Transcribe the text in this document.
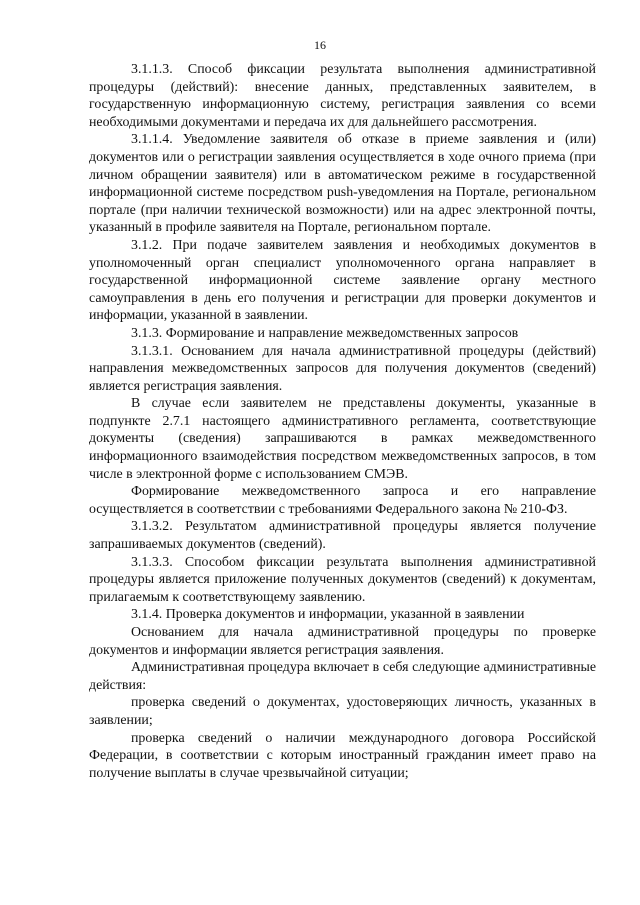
16

3.1.1.3. Способ фиксации результата выполнения административной процедуры (действий): внесение данных, представленных заявителем, в государственную информационную систему, регистрация заявления со всеми необходимыми документами и передача их для дальнейшего рассмотрения.

3.1.1.4. Уведомление заявителя об отказе в приеме заявления и (или) документов или о регистрации заявления осуществляется в ходе очного приема (при личном обращении заявителя) или в автоматическом режиме в государственной информационной системе посредством push-уведомления на Портале, региональном портале (при наличии технической возможности) или на адрес электронной почты, указанный в профиле заявителя на Портале, региональном портале.

3.1.2. При подаче заявителем заявления и необходимых документов в уполномоченный орган специалист уполномоченного органа направляет в государственной информационной системе заявление органу местного самоуправления в день его получения и регистрации для проверки документов и информации, указанной в заявлении.

3.1.3. Формирование и направление межведомственных запросов

3.1.3.1. Основанием для начала административной процедуры (действий) направления межведомственных запросов для получения документов (сведений) является регистрация заявления.

В случае если заявителем не представлены документы, указанные в подпункте 2.7.1 настоящего административного регламента, соответствующие документы (сведения) запрашиваются в рамках межведомственного информационного взаимодействия посредством межведомственных запросов, в том числе в электронной форме с использованием СМЭВ.

Формирование межведомственного запроса и его направление осуществляется в соответствии с требованиями Федерального закона № 210-ФЗ.

3.1.3.2. Результатом административной процедуры является получение запрашиваемых документов (сведений).

3.1.3.3. Способом фиксации результата выполнения административной процедуры является приложение полученных документов (сведений) к документам, прилагаемым к соответствующему заявлению.

3.1.4. Проверка документов и информации, указанной в заявлении

Основанием для начала административной процедуры по проверке документов и информации является регистрация заявления.

Административная процедура включает в себя следующие административные действия:

проверка сведений о документах, удостоверяющих личность, указанных в заявлении;

проверка сведений о наличии международного договора Российской Федерации, в соответствии с которым иностранный гражданин имеет право на получение выплаты в случае чрезвычайной ситуации;
